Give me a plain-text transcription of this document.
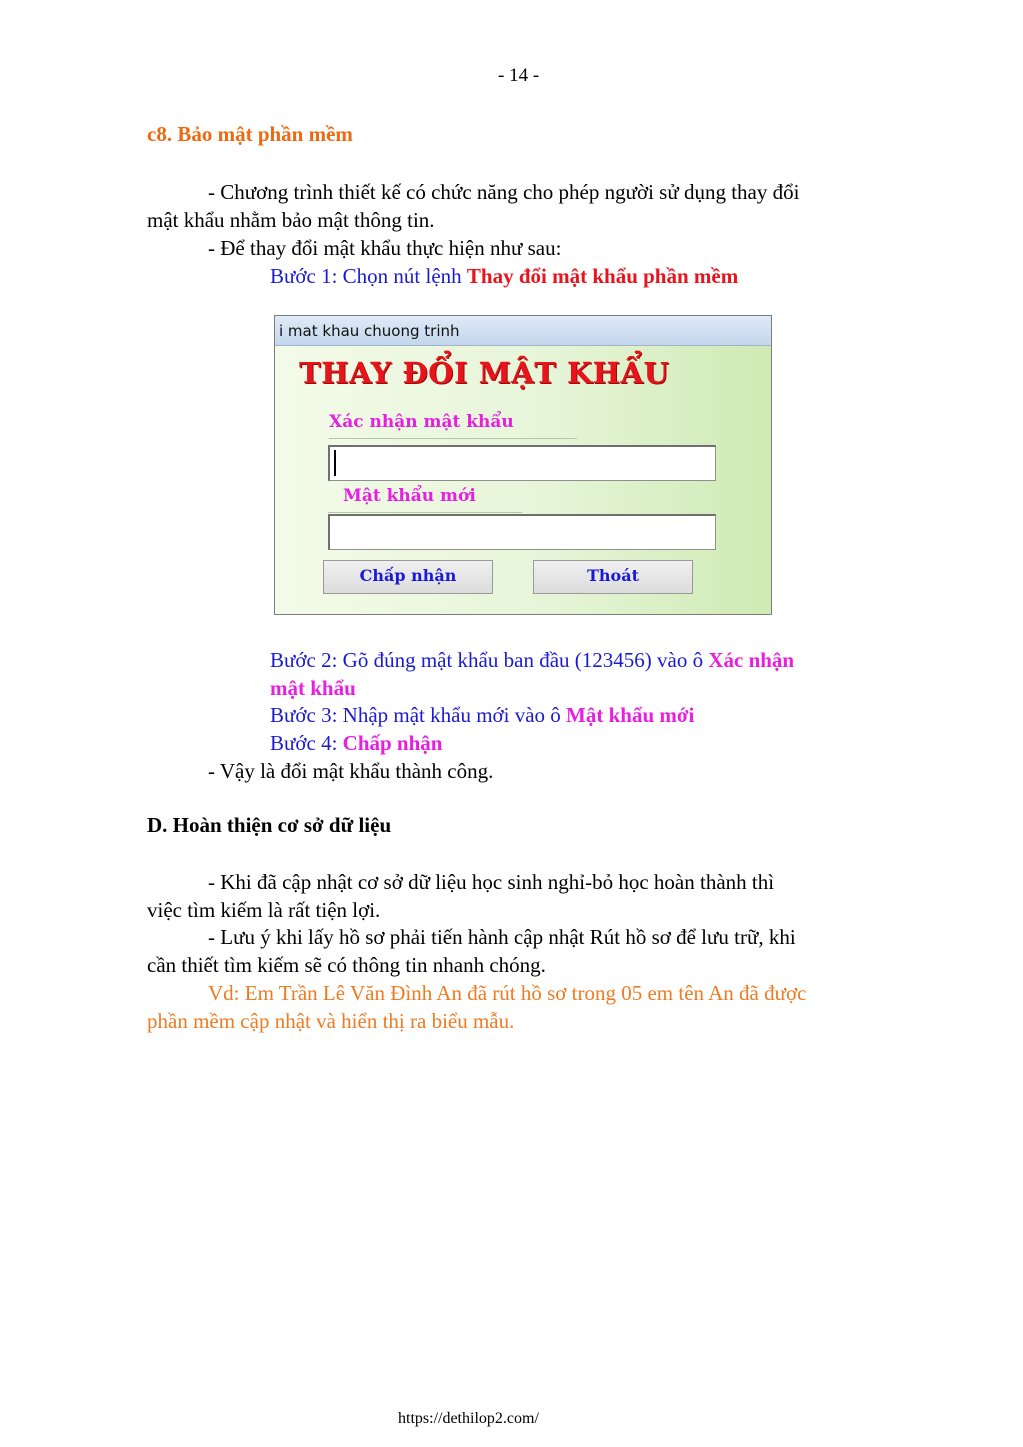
- 14 -
c8. Bảo mật phần mềm
- Chương trình thiết kế có chức năng cho phép người sử dụng thay đổi
mật khẩu nhằm bảo mật thông tin.
- Để thay đổi mật khẩu thực hiện như sau:
Bước 1: Chọn nút lệnh Thay đổi mật khẩu phần mềm
i mat khau chuong trinh
THAY ĐỔI MẬT KHẨU
Xác nhận mật khẩu
Mật khẩu mới
Chấp nhận	Thoát
Bước 2: Gõ đúng mật khẩu ban đầu (123456) vào ô Xác nhận
mật khẩu
Bước 3: Nhập mật khẩu mới vào ô Mật khẩu mới
Bước 4: Chấp nhận
- Vậy là đổi mật khẩu thành công.
D. Hoàn thiện cơ sở dữ liệu
- Khi đã cập nhật cơ sở dữ liệu học sinh nghỉ-bỏ học hoàn thành thì
việc tìm kiếm là rất tiện lợi.
- Lưu ý khi lấy hồ sơ phải tiến hành cập nhật Rút hồ sơ để lưu trữ, khi
cần thiết tìm kiếm sẽ có thông tin nhanh chóng.
Vd: Em Trần Lê Văn Đình An đã rút hồ sơ trong 05 em tên An đã được
phần mềm cập nhật và hiển thị ra biểu mẫu.
https://dethilop2.com/
